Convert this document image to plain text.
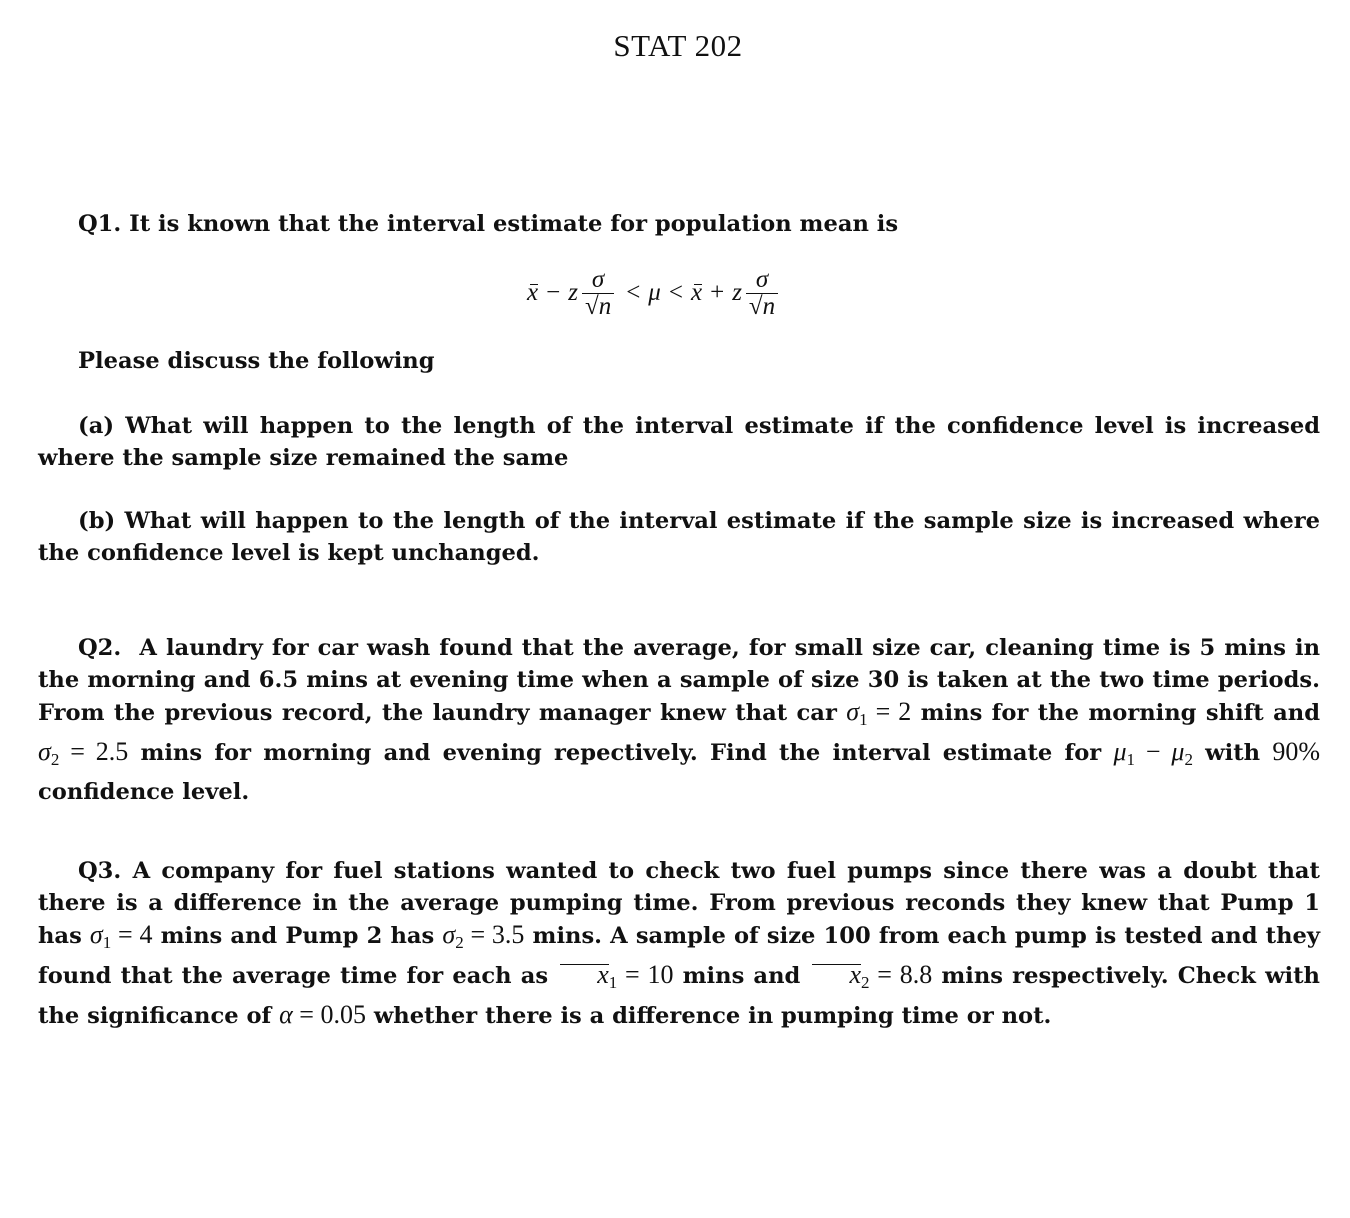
STAT 202
Q1. It is known that the interval estimate for population mean is
x − z $\frac{\sigma}{√n} < \mu < x + z \frac{\sigma}{√n}$
Please discuss the following
(a) What will happen to the length of the interval estimate if the confidence level is increased where the sample size remained the same
(b) What will happen to the length of the interval estimate if the sample size is increased where the confidence level is kept unchanged.
Q2. A laundry for car wash found that the average, for small size car, cleaning time is 5 mins in the morning and 6.5 mins at evening time when a sample of size 30 is taken at the two time periods. From the previous record, the laundry manager knew that car $\sigma_1 = 2$ mins for the morning shift and $\sigma_2 = 2.5$ mins for morning and evening repectively. Find the interval estimate for $\mu_1 - \mu_2$ with 90% confidence level.
Q3. A company for fuel stations wanted to check two fuel pumps since there was a doubt that there is a difference in the average pumping time. From previous reconds they knew that Pump 1 has $\sigma_1 = 4$ mins and Pump 2 has $\sigma_2 = 3.5$ mins. A sample of size 100 from each pump is tested and they found that the average time for each as $x_1 = 10$ mins and $x_2 = 8.8$ mins respectively. Check with the significance of α = 0.05 whether there is a difference in pumping time or not.
